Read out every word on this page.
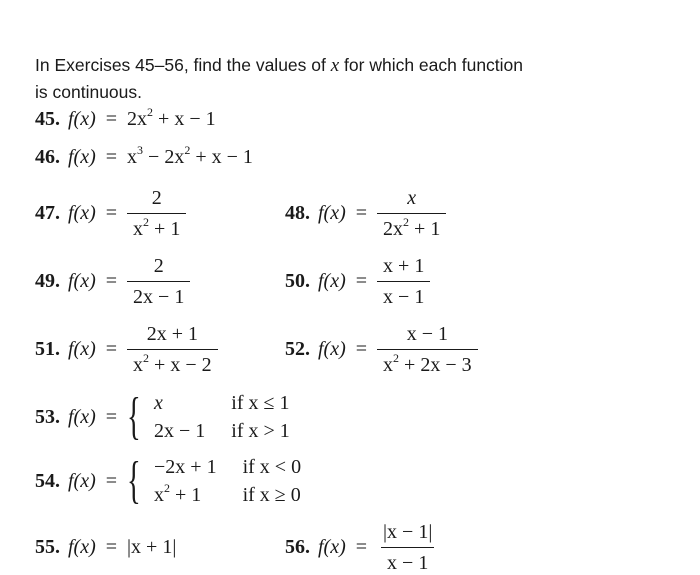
In Exercises 45–56, find the values of x for which each function
is continuous.
45. $f(x) = 2x^2 + x - 1$
46. $f(x) = x^3 - 2x^2 + x - 1$
47. $f(x) = \frac{2}{x^2 + 1}$	48. $f(x) = \frac{x}{2x^2 + 1}$
49. $f(x) = \frac{2}{2x - 1}$	50. $f(x) = \frac{x + 1}{x - 1}$
51. $f(x) = \frac{2x + 1}{x^2 + x - 2}$	52. $f(x) = \frac{x - 1}{x^2 + 2x - 3}$
53. f(x) = { x	if x ≤ 1
2x − 1 if x > 1
54. f(x) = { −2x + 1 if x < 0
$x^2 + 1$	if x ≥ 0
55. f(x) = |x + 1|	56. $f(x) = \frac{|x - 1|}{x - 1}$
